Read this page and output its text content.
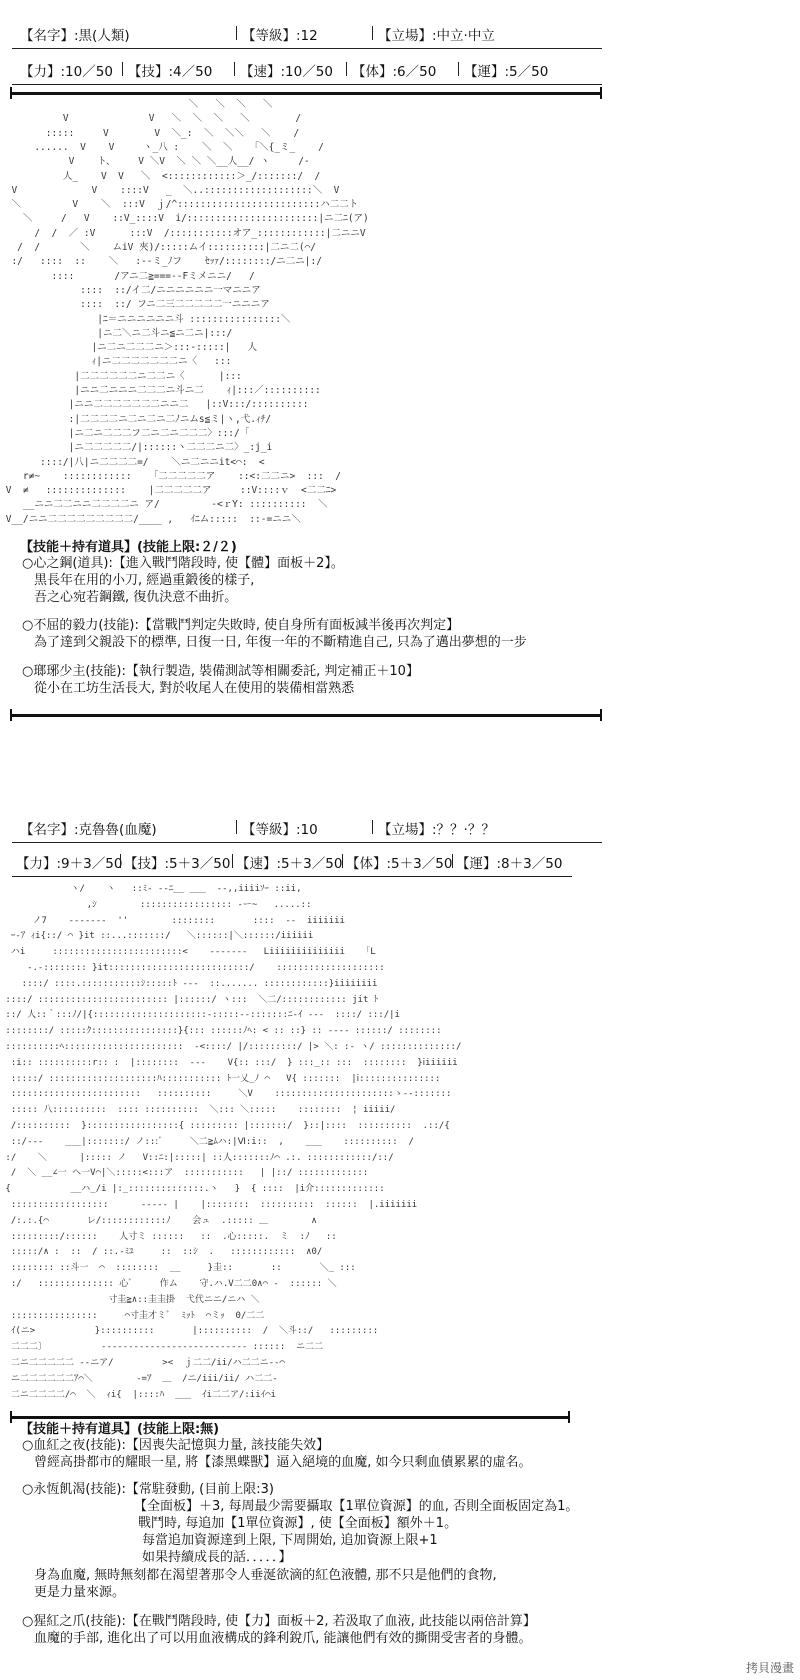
【名字】:黒(人類)	【等級】:12	【立場】:中立·中立
【力】:10／50 【技】:4／50 【速】:10／50 【体】:6／50 【運】:5／50
＼   ＼  ＼   ＼
V              V   ＼  ＼  ＼   ＼        /
:::::     V        V  ＼_:  ＼  ＼＼   ＼    /
......  V    V     ヽ_八 :    ＼  ＼   「＼{_ミ_    /
V    ト、    V ＼V  ＼ ＼ ＼__人__/ ヽ     /-
人_    V  V   ＼  <::::::::::::＞_/:::::::/  /
V             V    ::::V   _  ＼..:::::::::::::::::::＼  V
＼         V    ＼  :::V  ｊ/^:::::::::::::::::::::::::ハ二二ト
＼     /   V    ::V_::::V  i/:::::::::::::::::::::::|ニ二ﾆ(ア)
/  /  ／ :V      :::V  /:::::::::::オア_::::::::::::|二ニニV
/  /       ＼    ムiV 夾)/:::::ムイ::::::::::|二ニ二(⌒/
:/   ::::  ::    ＼   :--ミ_ﾉフ    ｾｯｧ/::::::::/ニ二ニ|:/
::::       /アニ二≧===--Fミメニニ/   /
::::  ::/イ二/ニニニニニニ一マニニア
::::  ::/ フニ二三二二二二二一ニニニア
|ﾆ＝ニニニニニニ斗 ::::::::::::::::＼
|ニ二＼ニ二斗ニ≦ニ二ニ|:::/
|ニ二ニ二二二ニ＞:::-:::::|   人
ｨ|ニ二二二二二二二ニ〈   :::
|二二二二二二ニ二二ニ〈      |:::
|ニニ二ニニニ二二二ニ斗ニ二    ｨ|:::／::::::::::
|ニニ二二二二二二二ニニ二   |::V:::/::::::::::
:|二二二二ニ二ニ二ニ二ﾉニムs≦ミ|ヽ,弋.ｨﾁ/
|ニ二ニ二二二フ二ニ二ニ二二二〉:::/「
|ニ二二二二二/|::::::ヽ二二二ニ二〉_:j_i
::::/|八|ニ二二二二=/    ＼ニ二ニニit<⌒:  <
r≠~    ::::::::::::   「二二二二二ア    ::<:二二ニ>  :::  /
V  ≠   ::::::::::::::    |二二二二二ア     ::V::::ｖ  <二二ﾆ>
__ニニ二二ニニ二二二二ニ ア/         -<ｒY: ::::::::::  ＼
V__/ニニ二二二二二二二二二/____ ,   ｲﾆム:::::  ::-=ニニ＼
【技能＋持有道具】(技能上限:２/２)
○心之鋼(道具):【進入戰鬥階段時, 使【體】面板＋2】。
黒長年在用的小刀, 經過重鍛後的樣子,
吾之心宛若鋼鐵, 復仇決意不曲折。
○不屈的毅力(技能):【當戰鬥判定失敗時, 使自身所有面板減半後再次判定】
為了達到父親設下的標準, 日復一日, 年復一年的不斷精進自己, 只為了邁出夢想的一步
○瑯琊少主(技能):【執行製造, 裝備測試等相關委託, 判定補正＋10】
從小在工坊生活長大, 對於收尾人在使用的裝備相當熟悉
【名字】:克魯魯(血魔)	【等級】:10	【立場】:？？·？？
【力】:9＋3／50 【技】:5＋3／50 【速】:5＋3／50 【体】:5＋3／50 【運】:8＋3／50
ヽ/    ヽ   ::ﾐ‐ --ﾆ__ ___  --,,iiiiｿｰ ::ii,
,ｼ        ::::::::::::::::: -ー~   .....::
ノ7    -------  ''        ::::::::       ::::  --  iiiiiii
ｰ‐ｱ ｨi{::/ ⌒ }it ::...:::::::/   ＼::::::|＼::::::/iiiiii
ハi     ::::::::::::::::::::::::<    -------   Liiiiiiiiiiiiii   「L
-.-:::::::: }it::::::::::::::::::::::::::/    ::::::::::::::::::::
::::/ ::::.:::::::::::ｼ:::::ﾄ ---  ::....... ::::::::::::}iiiiiiii
::::/ :::::::::::::::::::::::: |::::::/ ヽ:::  ＼二/:::::::::::: jit ﾄ
::/ 人::｀:::ﾉ/|{:::::::::::::::::::::-:::::--:::::::ﾆ-ｲ ---  ::::/ :::/|i
::::::::/ :::::ｸ::::::::::::::::}{::: ::::::ﾉﾍ: < :: ::} :: ---- ::::::/ ::::::::
::::::::::ﾍ::::::::::::::::::::::  -<::::/ |/:::::::::/ |> ＼: :- ヽ/ ::::::::::::::/
:i:: ::::::::::r:: :  |::::::::  ---    V{:: :::/  } :::_:: :::  ::::::::  }ⅰiiiiii
:::::/ ::::::::::::::::::::ﾊ::::::::::: ﾄ一乂_ﾉ ⌒   V{ :::::::  |ⅰ:::::::::::::::
::::::::::::::::::::::::   ::::::::::     ＼V    ::::::::::::::::::::::ゝ--:::::::
::::: 八::::::::::  :::: ::::::::::  ＼::: ＼:::::    ::::::::  ¦ iiiii/
/::::::::::  }:::::::::::::::::{ ::::::::: |:::::::/  }::|::::  ::::::::::  .::/{
::/---    ___|:::::::/ ノ:::ﾞ     ＼二≧ﾑハ:|Ⅵ:i::  ,    ___    ::::::::::  /
:/    ＼      |::::: ノ   V::ﾆ:|:::::| ::人:::::::ﾉ⌒ .:. ::::::::::::/::/
/  ＼ __∠一 へ一V⌒|＼:::::<:::ア  :::::::::::   | |::/ :::::::::::::
{           __ハ_/i |:_::::::::::::::.ヽ   }  { ::::  |i介:::::::::::::
::::::::::::::::::      ----- |    |::::::::  ::::::::::  ::::::  |.iiiiiii
/:.:.{⌒       レ/::::::::::::ﾉ    会ュ  .::::: ＿        ∧
:::::::::/::::::    人寸ミ ::::::   ::  .心:::::.  ミ  :ﾉ   ::
:::::/∧ :  ::  / ::.-ﾐﾕ     ::  ::ｼ  .   ::::::::::::  ∧0/
:::::::: ::斗一  ⌒  ::::::::  __     }圭::       ::       ＼_ :::
:/   :::::::::::::: 心ﾞ     作ム    守.ハ.V二二0∧⌒ -  :::::: ＼
寸圭≧∧::圭圭掛  弋代ニニ/ニハ ＼
::::::::::::::::     ⌒寸圭才ミﾞ  ﾐｯﾄ  ⌒ミｯ  0/二二
ｲ(ニ>           }::::::::::       |::::::::::  /  ＼斗::/   :::::::::
二二二〕          --------------------------- ::::::  ニ二二
二ニ二二二二二 --ニア/         ><  ｊ二二/ii/ハ二二ニ--⌒
ニ二二二二二二ｱ⌒＼        -=ｱ  ＿  /ニ/iii/ii/ ハ二二-
二ニ二二二二/⌒  ＼  ｨi{  |::::ﾊ  ___  ｲi二二ア/:iiｲ⌒i
【技能＋持有道具】(技能上限:無)
○血紅之夜(技能):【因喪失記憶與力量, 該技能失效】
曾經高掛都市的耀眼一星, 將【漆黑蝶獸】逼入絕境的血魔, 如今只剩血債累累的虛名。
○永恆飢渴(技能):【常駐發動, (目前上限:3)
【全面板】＋3, 每周最少需要攝取【1單位資源】的血, 否則全面板固定為1。
戰鬥時, 每追加【1單位資源】, 使【全面板】額外＋1。
每當追加資源達到上限, 下周開始, 追加資源上限+1
如果持續成長的話．．．．．】
身為血魔, 無時無刻都在渴望著那令人垂涎欲滴的紅色液體, 那不只是他們的食物,
更是力量來源。
○猩紅之爪(技能):【在戰鬥階段時, 使【力】面板＋2, 若汲取了血液, 此技能以兩倍計算】
血魔的手部, 進化出了可以用血液構成的鋒利銳爪, 能讓他們有效的撕開受害者的身體。
拷貝漫畫
